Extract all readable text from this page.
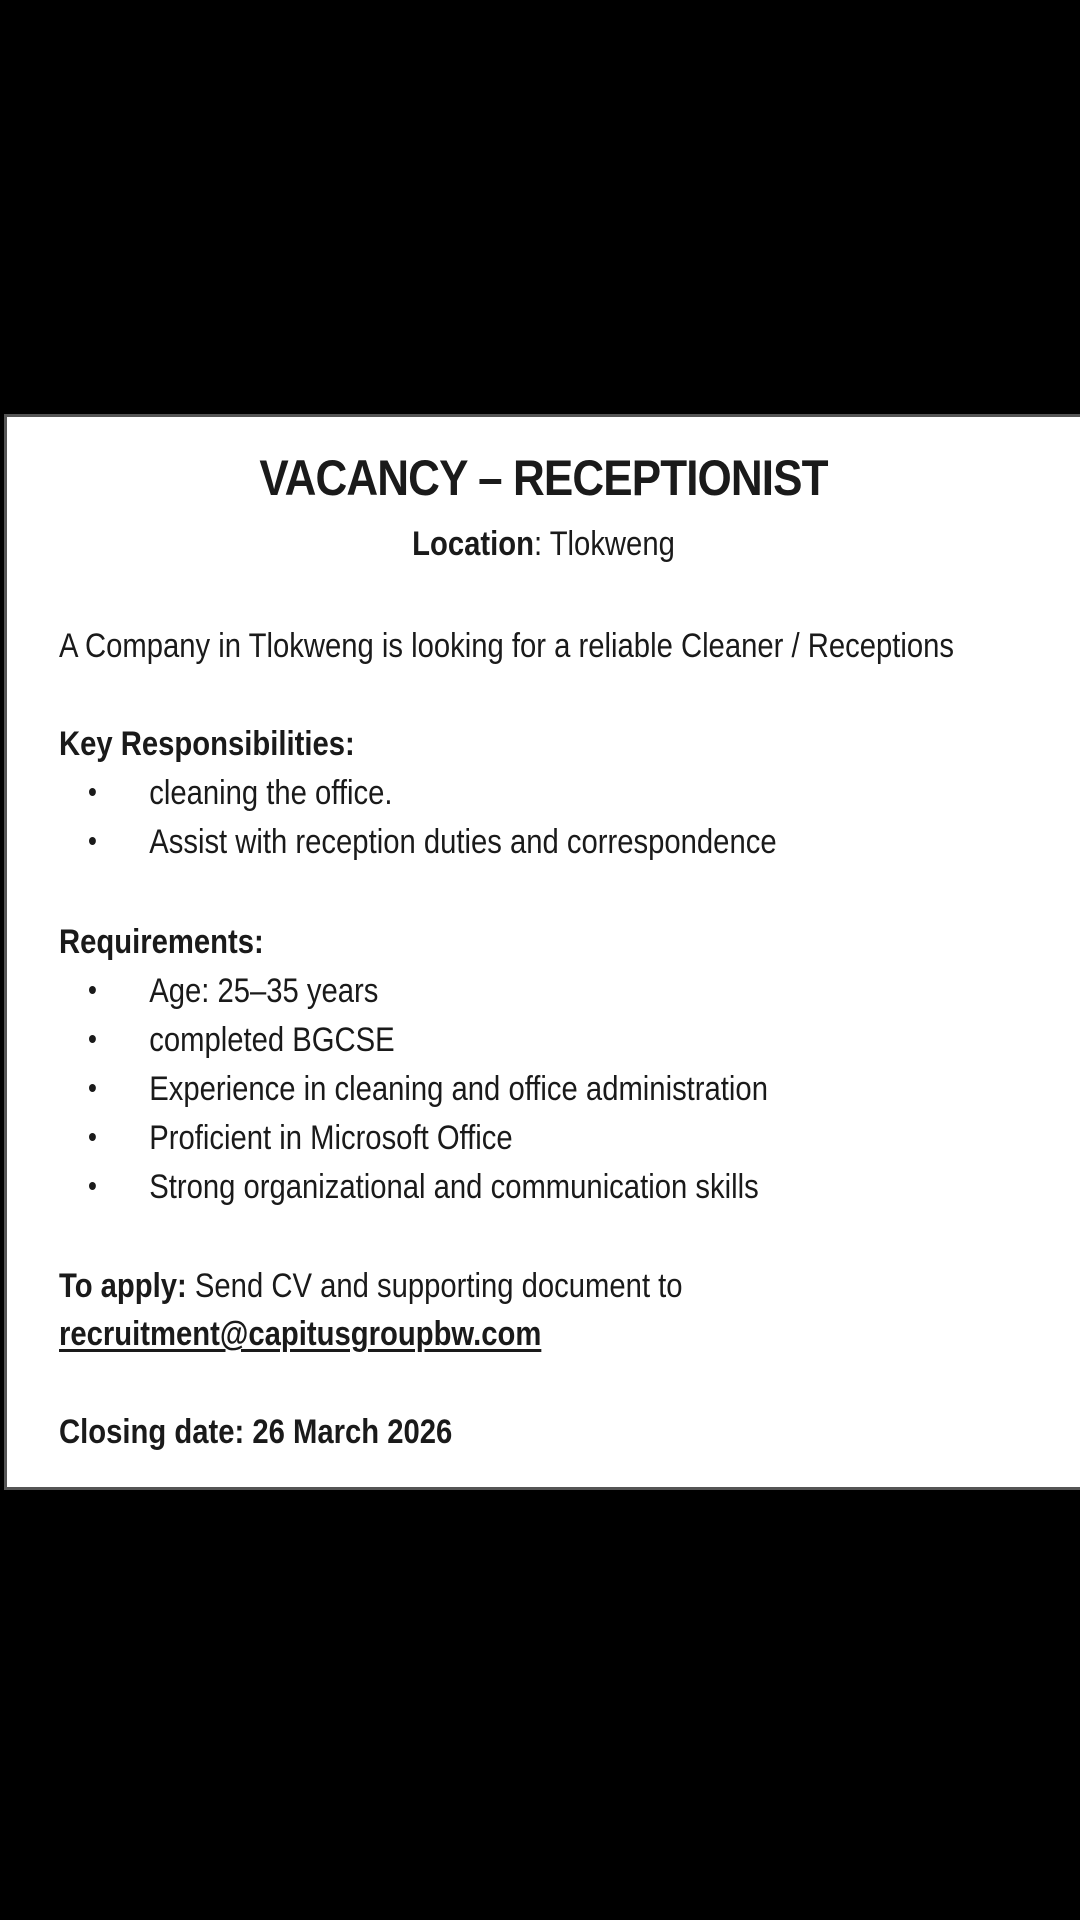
VACANCY – RECEPTIONIST
Location: Tlokweng
A Company in Tlokweng is looking for a reliable Cleaner / Receptions
Key Responsibilities:
cleaning the office.
Assist with reception duties and correspondence
Requirements:
Age: 25–35 years
completed BGCSE
Experience in cleaning and office administration
Proficient in Microsoft Office
Strong organizational and communication skills
To apply: Send CV and supporting document to
recruitment@capitusgroupbw.com
Closing date: 26 March 2026
